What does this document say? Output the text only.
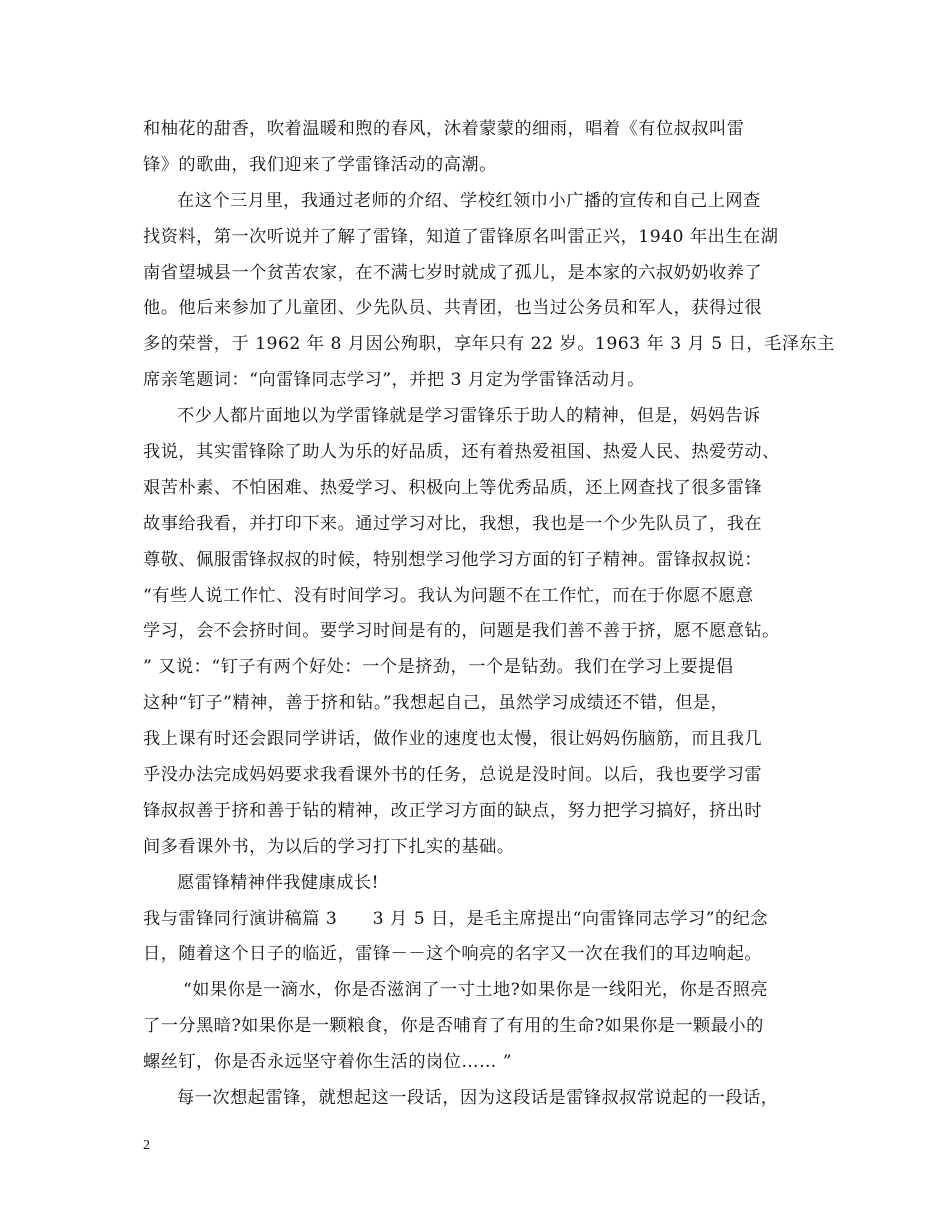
和柚花的甜香，吹着温暖和煦的春风，沐着蒙蒙的细雨，唱着《有位叔叔叫雷
锋》的歌曲，我们迎来了学雷锋活动的高潮。
在这个三月里，我通过老师的介绍、学校红领巾小广播的宣传和自己上网查
找资料，第一次听说并了解了雷锋，知道了雷锋原名叫雷正兴，1940 年出生在湖
南省望城县一个贫苦农家，在不满七岁时就成了孤儿，是本家的六叔奶奶收养了
他。他后来参加了儿童团、少先队员、共青团，也当过公务员和军人，获得过很
多的荣誉，于 1962 年 8 月因公殉职，享年只有 22 岁。1963 年 3 月 5 日，毛泽东主
席亲笔题词：“向雷锋同志学习”，并把 3 月定为学雷锋活动月。
不少人都片面地以为学雷锋就是学习雷锋乐于助人的精神，但是，妈妈告诉
我说，其实雷锋除了助人为乐的好品质，还有着热爱祖国、热爱人民、热爱劳动、
艰苦朴素、不怕困难、热爱学习、积极向上等优秀品质，还上网查找了很多雷锋
故事给我看，并打印下来。通过学习对比，我想，我也是一个少先队员了，我在
尊敬、佩服雷锋叔叔的时候，特别想学习他学习方面的钉子精神。雷锋叔叔说：
“有些人说工作忙、没有时间学习。我认为问题不在工作忙，而在于你愿不愿意
学习，会不会挤时间。要学习时间是有的，问题是我们善不善于挤，愿不愿意钻。
” 又说：“钉子有两个好处：一个是挤劲，一个是钻劲。我们在学习上要提倡
这种“钉子”精神，善于挤和钻。”我想起自己，虽然学习成绩还不错，但是，
我上课有时还会跟同学讲话，做作业的速度也太慢，很让妈妈伤脑筋，而且我几
乎没办法完成妈妈要求我看课外书的任务，总说是没时间。以后，我也要学习雷
锋叔叔善于挤和善于钻的精神，改正学习方面的缺点，努力把学习搞好，挤出时
间多看课外书，为以后的学习打下扎实的基础。
愿雷锋精神伴我健康成长!
我与雷锋同行演讲稿篇 3　　3 月 5 日，是毛主席提出“向雷锋同志学习”的纪念
日，随着这个日子的临近，雷锋－－这个响亮的名字又一次在我们的耳边响起。
“如果你是一滴水，你是否滋润了一寸土地?如果你是一线阳光，你是否照亮
了一分黑暗?如果你是一颗粮食，你是否哺育了有用的生命?如果你是一颗最小的
螺丝钉，你是否永远坚守着你生活的岗位…… ”
每一次想起雷锋，就想起这一段话，因为这段话是雷锋叔叔常说起的一段话，
2
